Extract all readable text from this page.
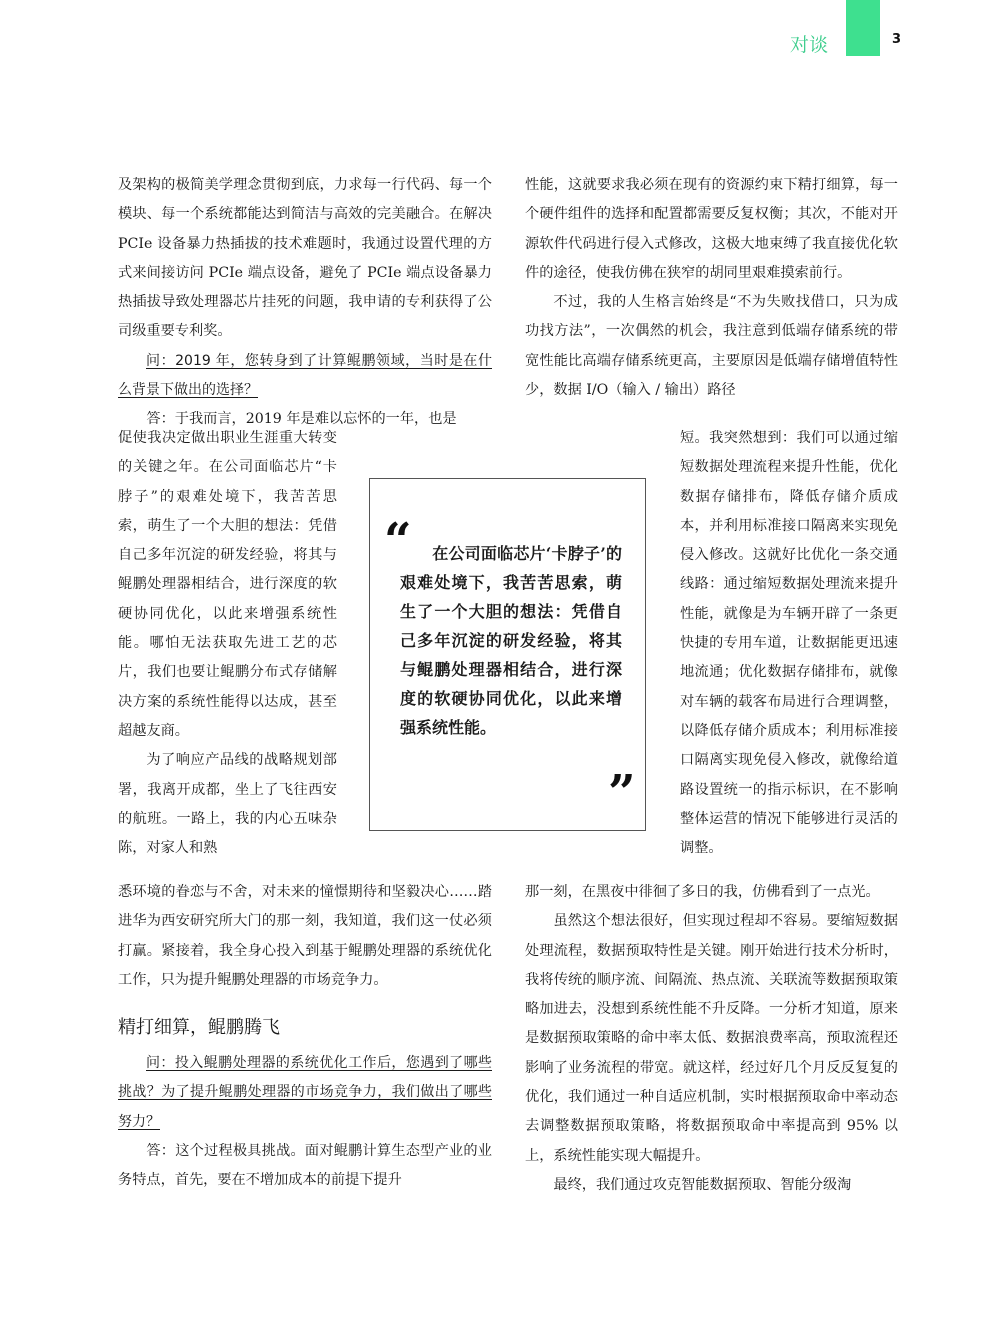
对谈	3

及架构的极简美学理念贯彻到底，力求每一行代码、每一个模块、每一个系统都能达到简洁与高效的完美融合。在解决 PCIe 设备暴力热插拔的技术难题时，我通过设置代理的方式来间接访问 PCIe 端点设备，避免了 PCIe 端点设备暴力热插拔导致处理器芯片挂死的问题，我申请的专利获得了公司级重要专利奖。

问：2019 年，您转身到了计算鲲鹏领域，当时是在什么背景下做出的选择？

答：于我而言，2019 年是难以忘怀的一年，也是

促使我决定做出职业生涯重大转变的关键之年。在公司面临芯片“卡脖子”的艰难处境下，我苦苦思索，萌生了一个大胆的想法：凭借自己多年沉淀的研发经验，将其与鲲鹏处理器相结合，进行深度的软硬协同优化，以此来增强系统性能。哪怕无法获取先进工艺的芯片，我们也要让鲲鹏分布式存储解决方案的系统性能得以达成，甚至超越友商。

为了响应产品线的战略规划部署，我离开成都，坐上了飞往西安的航班。一路上，我的内心五味杂陈，对家人和熟

悉环境的眷恋与不舍，对未来的憧憬期待和坚毅决心……踏进华为西安研究所大门的那一刻，我知道，我们这一仗必须打赢。紧接着，我全身心投入到基于鲲鹏处理器的系统优化工作，只为提升鲲鹏处理器的市场竞争力。

精打细算，鲲鹏腾飞

问：投入鲲鹏处理器的系统优化工作后，您遇到了哪些挑战？为了提升鲲鹏处理器的市场竞争力，我们做出了哪些努力？

答：这个过程极具挑战。面对鲲鹏计算生态型产业的业务特点，首先，要在不增加成本的前提下提升

性能，这就要求我必须在现有的资源约束下精打细算，每一个硬件组件的选择和配置都需要反复权衡；其次，不能对开源软件代码进行侵入式修改，这极大地束缚了我直接优化软件的途径，使我仿佛在狭窄的胡同里艰难摸索前行。

不过，我的人生格言始终是“不为失败找借口，只为成功找方法”，一次偶然的机会，我注意到低端存储系统的带宽性能比高端存储系统更高，主要原因是低端存储增值特性少，数据 I/O（输入 / 输出）路径

短。我突然想到：我们可以通过缩短数据处理流程来提升性能，优化数据存储排布，降低存储介质成本，并利用标准接口隔离来实现免侵入修改。这就好比优化一条交通线路：通过缩短数据处理流来提升性能，就像是为车辆开辟了一条更快捷的专用车道，让数据能更迅速地流通；优化数据存储排布，就像对车辆的载客布局进行合理调整，以降低存储介质成本；利用标准接口隔离实现免侵入修改，就像给道路设置统一的指示标识，在不影响整体运营的情况下能够进行灵活的调整。

那一刻，在黑夜中徘徊了多日的我，仿佛看到了一点光。

虽然这个想法很好，但实现过程却不容易。要缩短数据处理流程，数据预取特性是关键。刚开始进行技术分析时，我将传统的顺序流、间隔流、热点流、关联流等数据预取策略加进去，没想到系统性能不升反降。一分析才知道，原来是数据预取策略的命中率太低、数据浪费率高，预取流程还影响了业务流程的带宽。就这样，经过好几个月反反复复的优化，我们通过一种自适应机制，实时根据预取命中率动态去调整数据预取策略，将数据预取命中率提高到 95% 以上，系统性能实现大幅提升。

最终，我们通过攻克智能数据预取、智能分级淘

“	在公司面临芯片‘卡脖子’的艰难处境下，我苦苦思索，萌生了一个大胆的想法：凭借自己多年沉淀的研发经验，将其与鲲鹏处理器相结合，进行深度的软硬协同优化，以此来增强系统性能。
”
